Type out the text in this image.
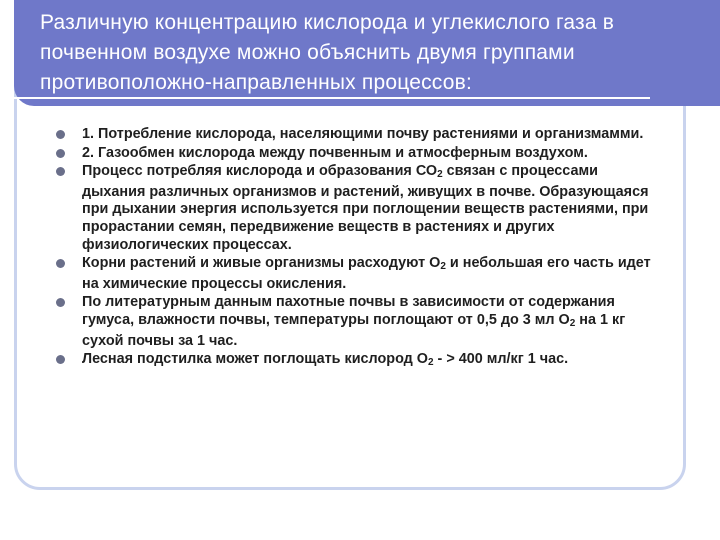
Различную концентрацию кислорода и углекислого газа в почвенном воздухе можно объяснить двумя группами противоположно-направленных процессов:
1. Потребление кислорода, населяющими почву растениями и организмамми.
2. Газообмен кислорода между почвенным и атмосферным воздухом.
Процесс потребляя кислорода и образования $СО_2$ связан с процессами дыхания различных организмов и растений, живущих в почве. Образующаяся при дыхании энергия используется при поглощении веществ растениями, при прорастании семян, передвижение веществ в растениях и других физиологических процессах.
Корни растений и живые организмы расходуют $О_2$ и небольшая его часть идет на химические процессы окисления.
По литературным данным пахотные почвы в зависимости от содержания гумуса, влажности почвы, температуры поглощают от 0,5 до 3 мл $О_2$ на 1 кг сухой почвы за 1 час.
Лесная подстилка может поглощать кислород $О_2$ - > 400 мл/кг 1 час.
